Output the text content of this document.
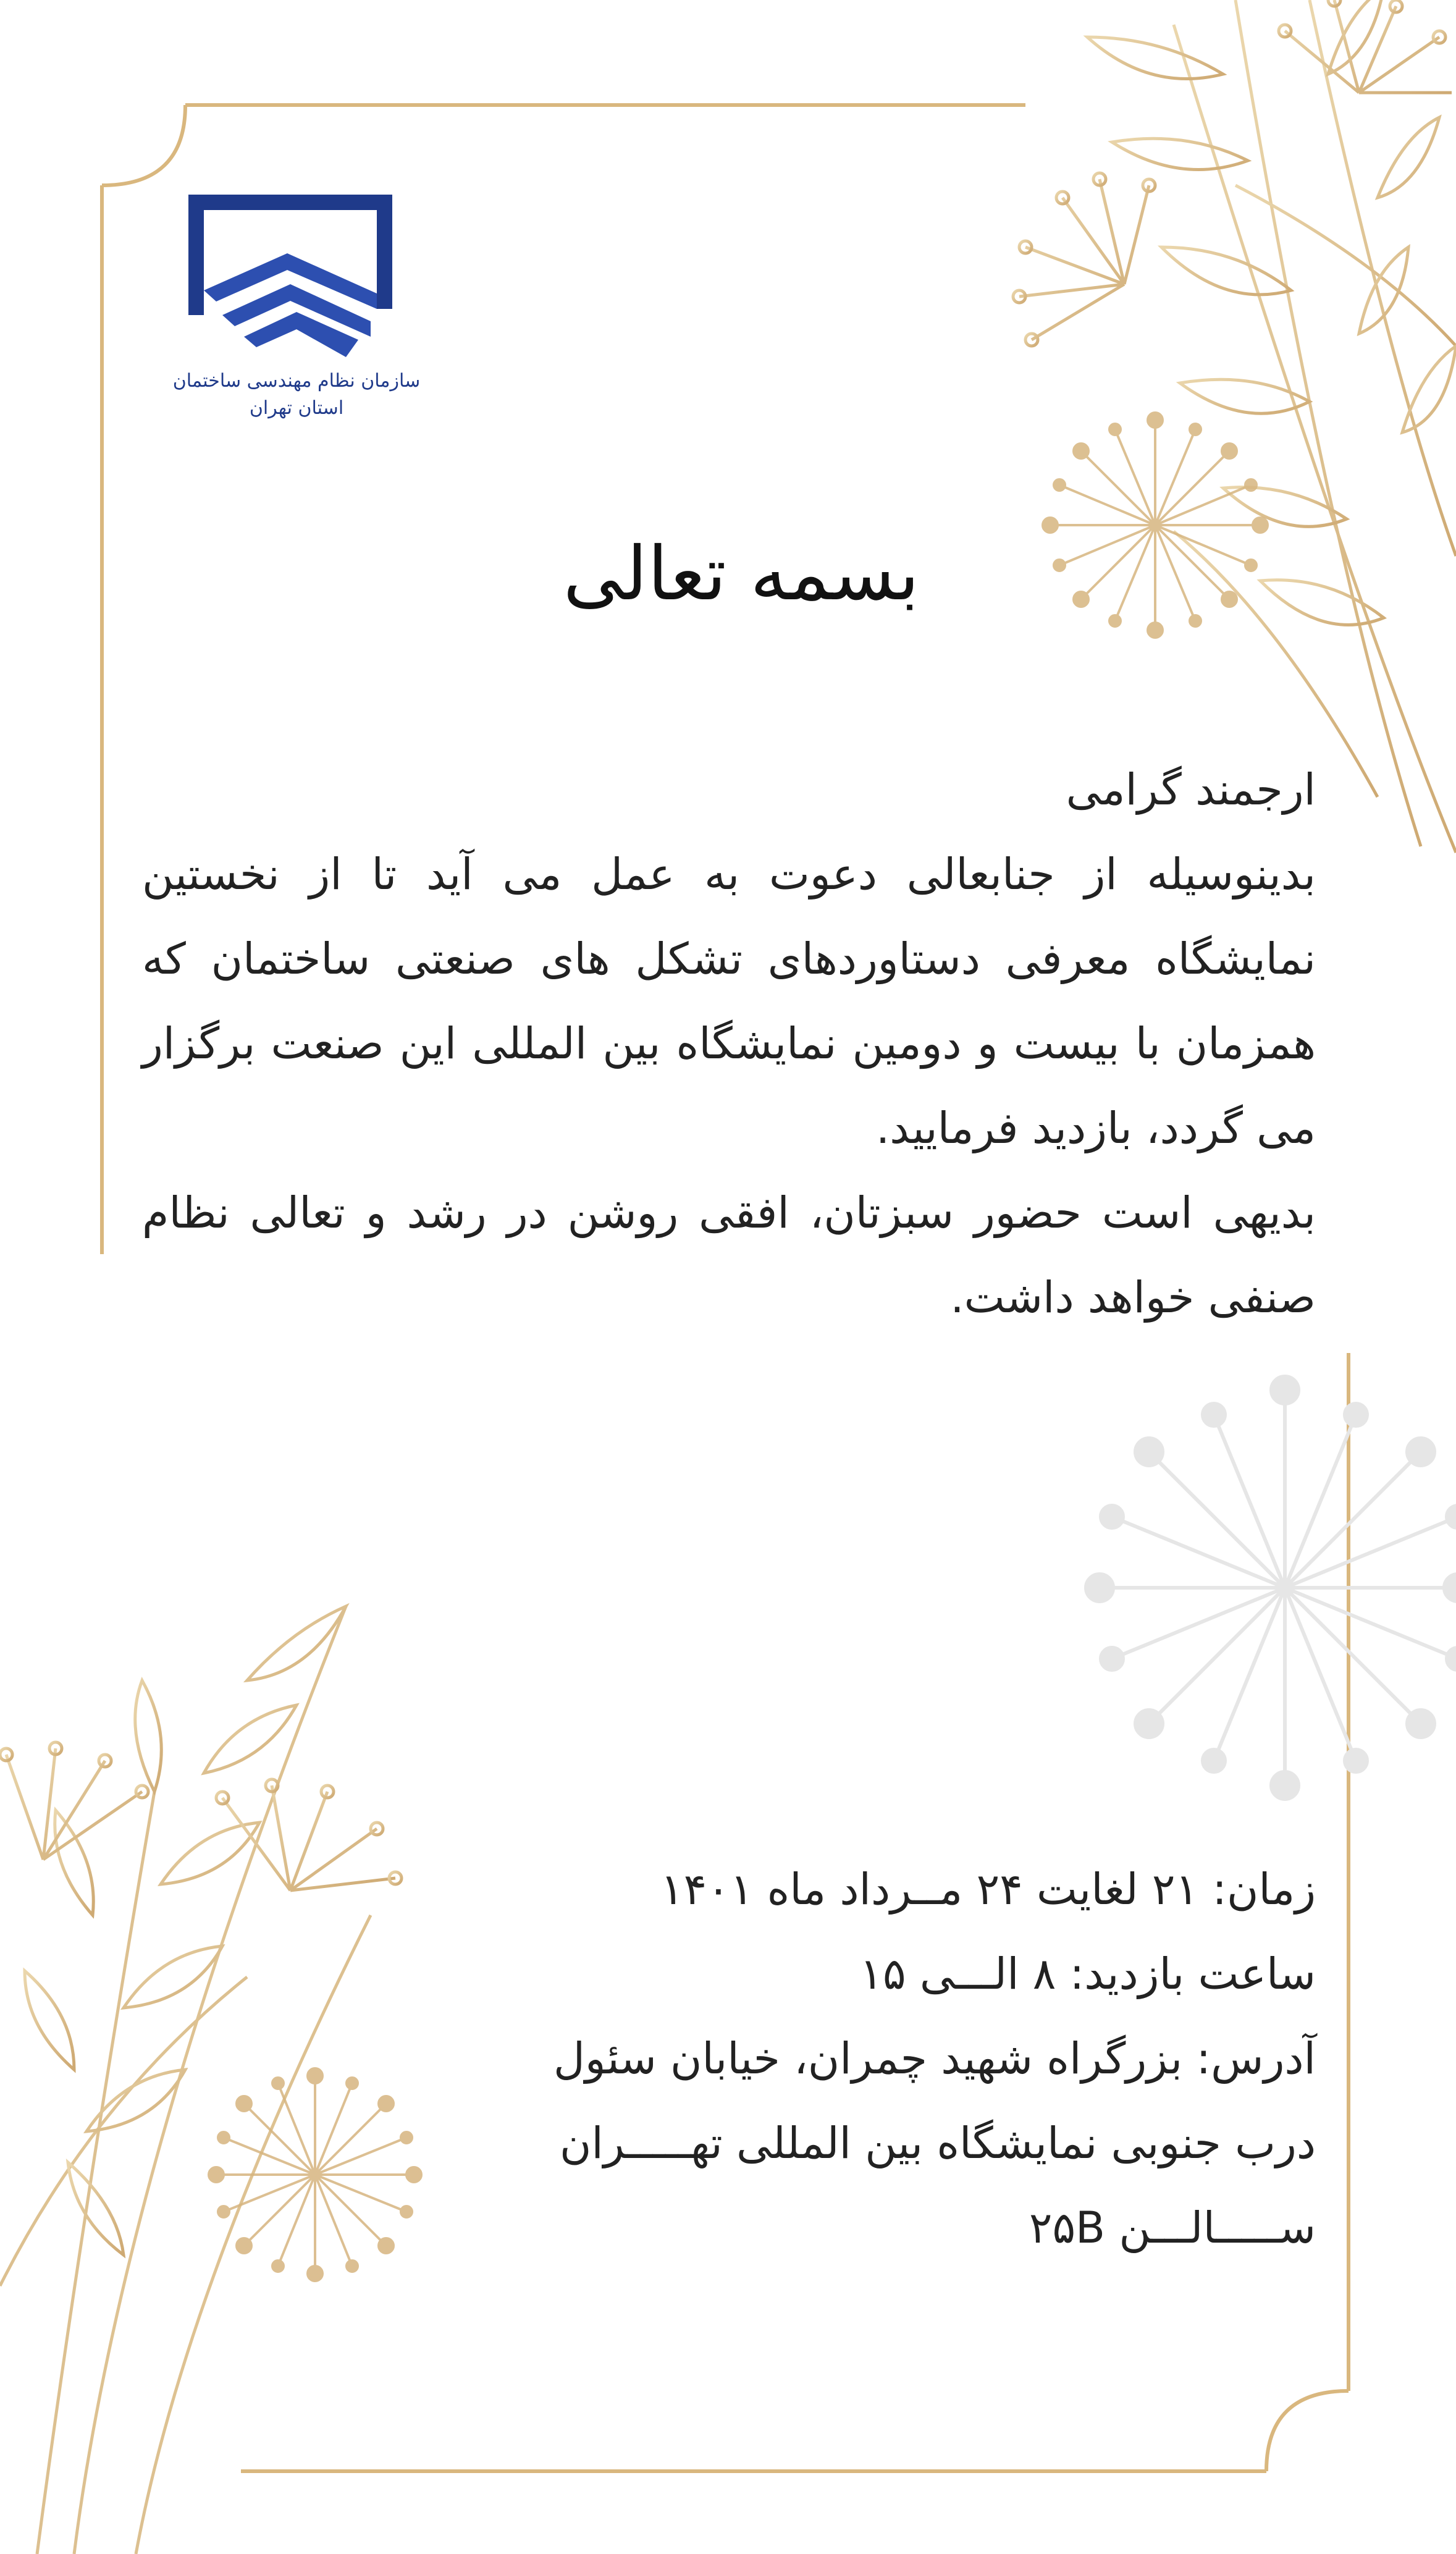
سازمان نظام مهندسی ساختمان
استان تهران
بسمه تعالی

ارجمند گرامی

بدینوسیله از جنابعالی دعوت به عمل می آید تا از نخستین نمایشگاه معرفی دستاوردهای تشکل های صنعتی ساختمان که همزمان با بیست و دومین نمایشگاه بین المللی این صنعت برگزار می گردد، بازدید فرمایید.

بدیهی است حضور سبزتان، افقی روشن در رشد و تعالی نظام صنفی خواهد داشت.

زمان: ۲۱ لغایت ۲۴ مــرداد ماه ۱۴۰۱

ساعت بازدید: ۸ الـــی ۱۵

آدرس: بزرگراه شهید چمران، خیابان سئول

درب جنوبی نمایشگاه بین المللی تهـــــران

ســـــالـــن ۲۵B
